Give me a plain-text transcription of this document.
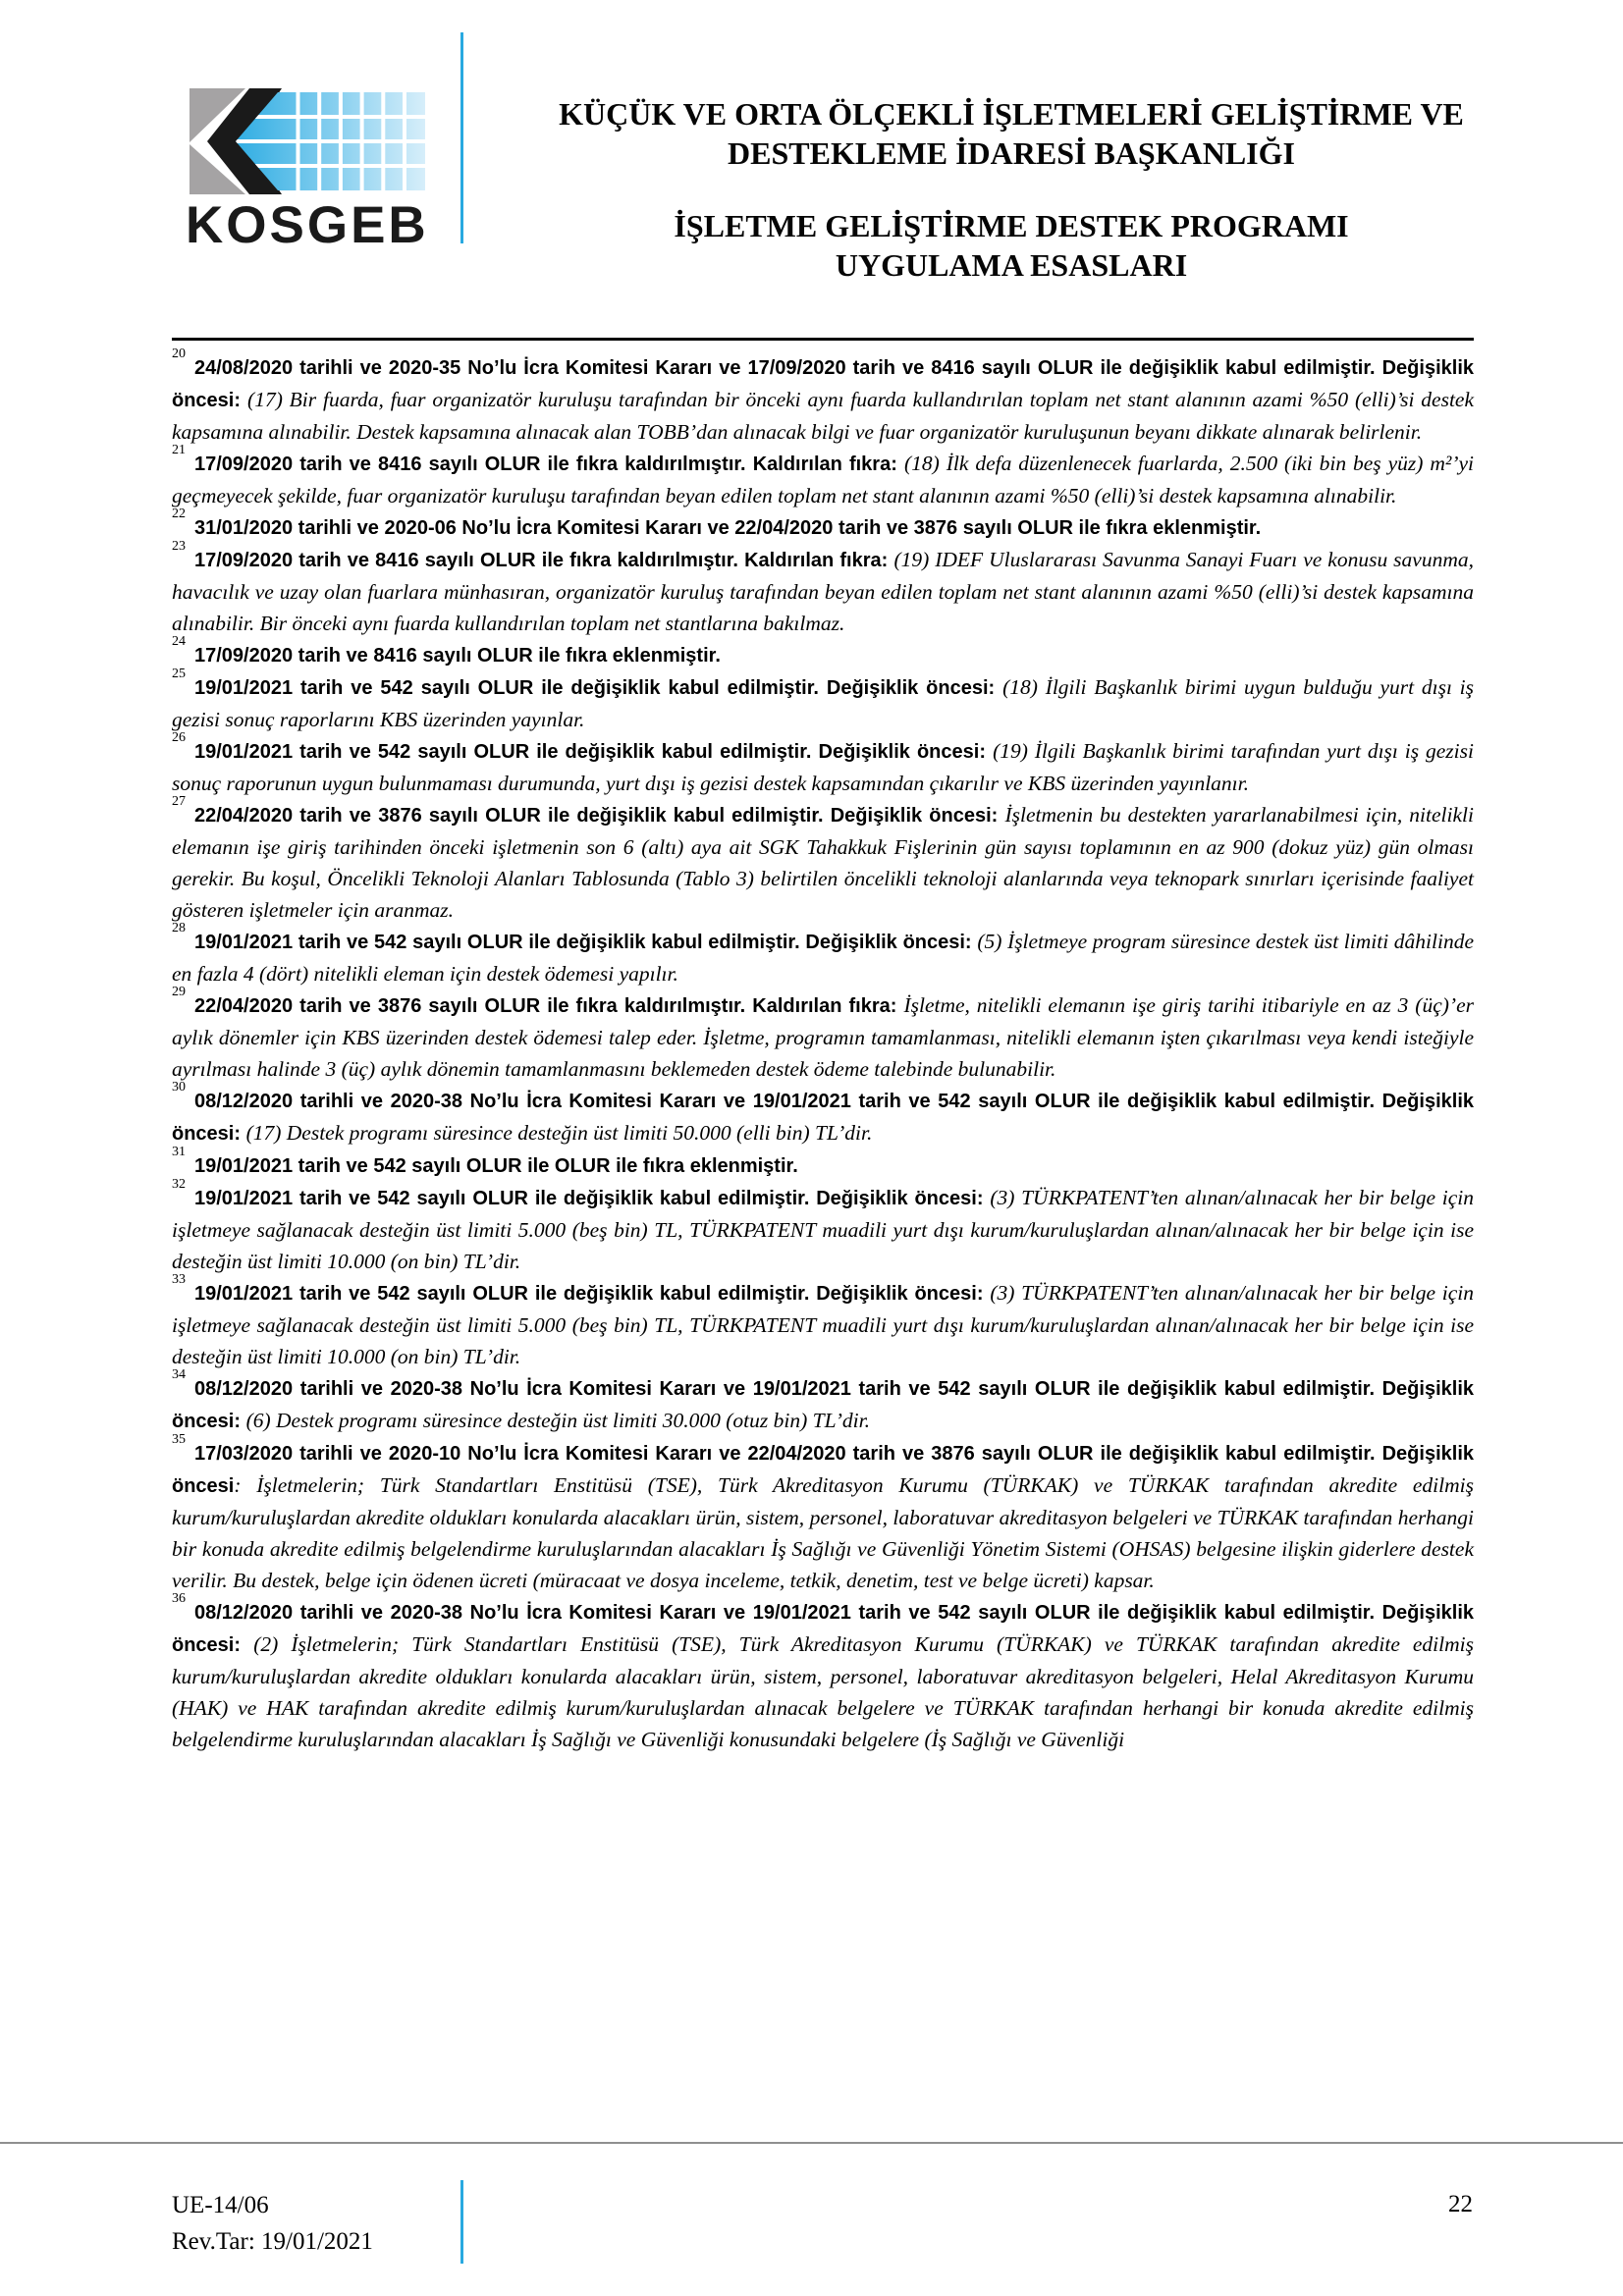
KOSGEB
KÜÇÜK VE ORTA ÖLÇEKLİ İŞLETMELERİ GELİŞTİRME VE
DESTEKLEME İDARESİ BAŞKANLIĞI
İŞLETME GELİŞTİRME DESTEK PROGRAMI
UYGULAMA ESASLARI

$^{20}$24/08/2020 tarihli ve 2020-35 No’lu İcra Komitesi Kararı ve 17/09/2020 tarih ve 8416 sayılı OLUR ile değişiklik kabul edilmiştir. Değişiklik öncesi: (17) Bir fuarda, fuar organizatör kuruluşu tarafından bir önceki aynı fuarda kullandırılan toplam net stant alanının azami %50 (elli)’si destek kapsamına alınabilir. Destek kapsamına alınacak alan TOBB’dan alınacak bilgi ve fuar organizatör kuruluşunun beyanı dikkate alınarak belirlenir.

$^{21}$17/09/2020 tarih ve 8416 sayılı OLUR ile fıkra kaldırılmıştır. Kaldırılan fıkra: (18) İlk defa düzenlenecek fuarlarda, 2.500 (iki bin beş yüz) m²’yi geçmeyecek şekilde, fuar organizatör kuruluşu tarafından beyan edilen toplam net stant alanının azami %50 (elli)’si destek kapsamına alınabilir.

$^{22}$31/01/2020 tarihli ve 2020-06 No’lu İcra Komitesi Kararı ve 22/04/2020 tarih ve 3876 sayılı OLUR ile fıkra eklenmiştir.

$^{23}$17/09/2020 tarih ve 8416 sayılı OLUR ile fıkra kaldırılmıştır. Kaldırılan fıkra: (19) IDEF Uluslararası Savunma Sanayi Fuarı ve konusu savunma, havacılık ve uzay olan fuarlara münhasıran, organizatör kuruluş tarafından beyan edilen toplam net stant alanının azami %50 (elli)’si destek kapsamına alınabilir. Bir önceki aynı fuarda kullandırılan toplam net stantlarına bakılmaz.

$^{24}$17/09/2020 tarih ve 8416 sayılı OLUR ile fıkra eklenmiştir.

$^{25}$19/01/2021 tarih ve 542 sayılı OLUR ile değişiklik kabul edilmiştir. Değişiklik öncesi: (18) İlgili Başkanlık birimi uygun bulduğu yurt dışı iş gezisi sonuç raporlarını KBS üzerinden yayınlar.

$^{26}$19/01/2021 tarih ve 542 sayılı OLUR ile değişiklik kabul edilmiştir. Değişiklik öncesi: (19) İlgili Başkanlık birimi tarafından yurt dışı iş gezisi sonuç raporunun uygun bulunmaması durumunda, yurt dışı iş gezisi destek kapsamından çıkarılır ve KBS üzerinden yayınlanır.

$^{27}$22/04/2020 tarih ve 3876 sayılı OLUR ile değişiklik kabul edilmiştir. Değişiklik öncesi: İşletmenin bu destekten yararlanabilmesi için, nitelikli elemanın işe giriş tarihinden önceki işletmenin son 6 (altı) aya ait SGK Tahakkuk Fişlerinin gün sayısı toplamının en az 900 (dokuz yüz) gün olması gerekir. Bu koşul, Öncelikli Teknoloji Alanları Tablosunda (Tablo 3) belirtilen öncelikli teknoloji alanlarında veya teknopark sınırları içerisinde faaliyet gösteren işletmeler için aranmaz.

$^{28}$19/01/2021 tarih ve 542 sayılı OLUR ile değişiklik kabul edilmiştir. Değişiklik öncesi: (5) İşletmeye program süresince destek üst limiti dâhilinde en fazla 4 (dört) nitelikli eleman için destek ödemesi yapılır.

$^{29}$22/04/2020 tarih ve 3876 sayılı OLUR ile fıkra kaldırılmıştır. Kaldırılan fıkra: İşletme, nitelikli elemanın işe giriş tarihi itibariyle en az 3 (üç)’er aylık dönemler için KBS üzerinden destek ödemesi talep eder. İşletme, programın tamamlanması, nitelikli elemanın işten çıkarılması veya kendi isteğiyle ayrılması halinde 3 (üç) aylık dönemin tamamlanmasını beklemeden destek ödeme talebinde bulunabilir.

$^{30}$08/12/2020 tarihli ve 2020-38 No’lu İcra Komitesi Kararı ve 19/01/2021 tarih ve 542 sayılı OLUR ile değişiklik kabul edilmiştir. Değişiklik öncesi: (17) Destek programı süresince desteğin üst limiti 50.000 (elli bin) TL’dir.

$^{31}$19/01/2021 tarih ve 542 sayılı OLUR ile OLUR ile fıkra eklenmiştir.

$^{32}$19/01/2021 tarih ve 542 sayılı OLUR ile değişiklik kabul edilmiştir. Değişiklik öncesi: (3) TÜRKPATENT’ten alınan/alınacak her bir belge için işletmeye sağlanacak desteğin üst limiti 5.000 (beş bin) TL, TÜRKPATENT muadili yurt dışı kurum/kuruluşlardan alınan/alınacak her bir belge için ise desteğin üst limiti 10.000 (on bin) TL’dir.

$^{33}$19/01/2021 tarih ve 542 sayılı OLUR ile değişiklik kabul edilmiştir. Değişiklik öncesi: (3) TÜRKPATENT’ten alınan/alınacak her bir belge için işletmeye sağlanacak desteğin üst limiti 5.000 (beş bin) TL, TÜRKPATENT muadili yurt dışı kurum/kuruluşlardan alınan/alınacak her bir belge için ise desteğin üst limiti 10.000 (on bin) TL’dir.

$^{34}$08/12/2020 tarihli ve 2020-38 No’lu İcra Komitesi Kararı ve 19/01/2021 tarih ve 542 sayılı OLUR ile değişiklik kabul edilmiştir. Değişiklik öncesi: (6) Destek programı süresince desteğin üst limiti 30.000 (otuz bin) TL’dir.

$^{35}$17/03/2020 tarihli ve 2020-10 No’lu İcra Komitesi Kararı ve 22/04/2020 tarih ve 3876 sayılı OLUR ile değişiklik kabul edilmiştir. Değişiklik öncesi: İşletmelerin; Türk Standartları Enstitüsü (TSE), Türk Akreditasyon Kurumu (TÜRKAK) ve TÜRKAK tarafından akredite edilmiş kurum/kuruluşlardan akredite oldukları konularda alacakları ürün, sistem, personel, laboratuvar akreditasyon belgeleri ve TÜRKAK tarafından herhangi bir konuda akredite edilmiş belgelendirme kuruluşlarından alacakları İş Sağlığı ve Güvenliği Yönetim Sistemi (OHSAS) belgesine ilişkin giderlere destek verilir. Bu destek, belge için ödenen ücreti (müracaat ve dosya inceleme, tetkik, denetim, test ve belge ücreti) kapsar.

$^{36}$08/12/2020 tarihli ve 2020-38 No’lu İcra Komitesi Kararı ve 19/01/2021 tarih ve 542 sayılı OLUR ile değişiklik kabul edilmiştir. Değişiklik öncesi: (2) İşletmelerin; Türk Standartları Enstitüsü (TSE), Türk Akreditasyon Kurumu (TÜRKAK) ve TÜRKAK tarafından akredite edilmiş kurum/kuruluşlardan akredite oldukları konularda alacakları ürün, sistem, personel, laboratuvar akreditasyon belgeleri, Helal Akreditasyon Kurumu (HAK) ve HAK tarafından akredite edilmiş kurum/kuruluşlardan alınacak belgelere ve TÜRKAK tarafından herhangi bir konuda akredite edilmiş belgelendirme kuruluşlarından alacakları İş Sağlığı ve Güvenliği konusundaki belgelere (İş Sağlığı ve Güvenliği

UE-14/06
Rev.Tar: 19/01/2021
22
